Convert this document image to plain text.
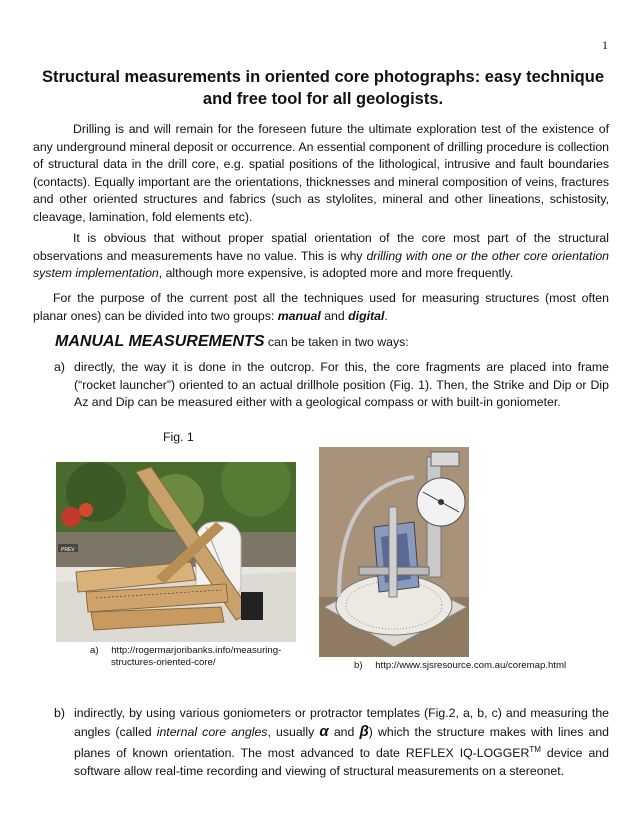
1
Structural measurements in oriented core photographs: easy technique
and free tool for all geologists.
Drilling is and will remain for the foreseen future the ultimate exploration test of the existence of any underground mineral deposit or occurrence. An essential component of drilling procedure is collection of structural data in the drill core, e.g. spatial positions of the lithological, intrusive and fault boundaries (contacts). Equally important are the orientations, thicknesses and mineral composition of veins, fractures and other oriented structures and fabrics (such as stylolites, mineral and other lineations, schistosity, cleavage, lamination, fold elements etc).
It is obvious that without proper spatial orientation of the core most part of the structural observations and measurements have no value. This is why drilling with one or the other core orientation system implementation, although more expensive, is adopted more and more frequently.
For the purpose of the current post all the techniques used for measuring structures (most often planar ones) can be divided into two groups: manual and digital.
MANUAL MEASUREMENTS can be taken in two ways:
a) directly, the way it is done in the outcrop. For this, the core fragments are placed into frame (“rocket launcher”) oriented to an actual drillhole position (Fig. 1). Then, the Strike and Dip or Dip Az and Dip can be measured either with a geological compass or with built-in goniometer.
Fig. 1
PREV
a) http://rogermarjoribanks.info/measuring-
structures-oriented-core/	b) http://www.sjsresource.com.au/coremap.html
b) indirectly, by using various goniometers or protractor templates (Fig.2, a, b, c) and measuring the angles (called internal core angles, usually α and β) which the structure makes with lines and planes of known orientation. The most advanced to date REFLEX IQ-LOGGER™ device and software allow real-time recording and viewing of structural measurements on a stereonet.
